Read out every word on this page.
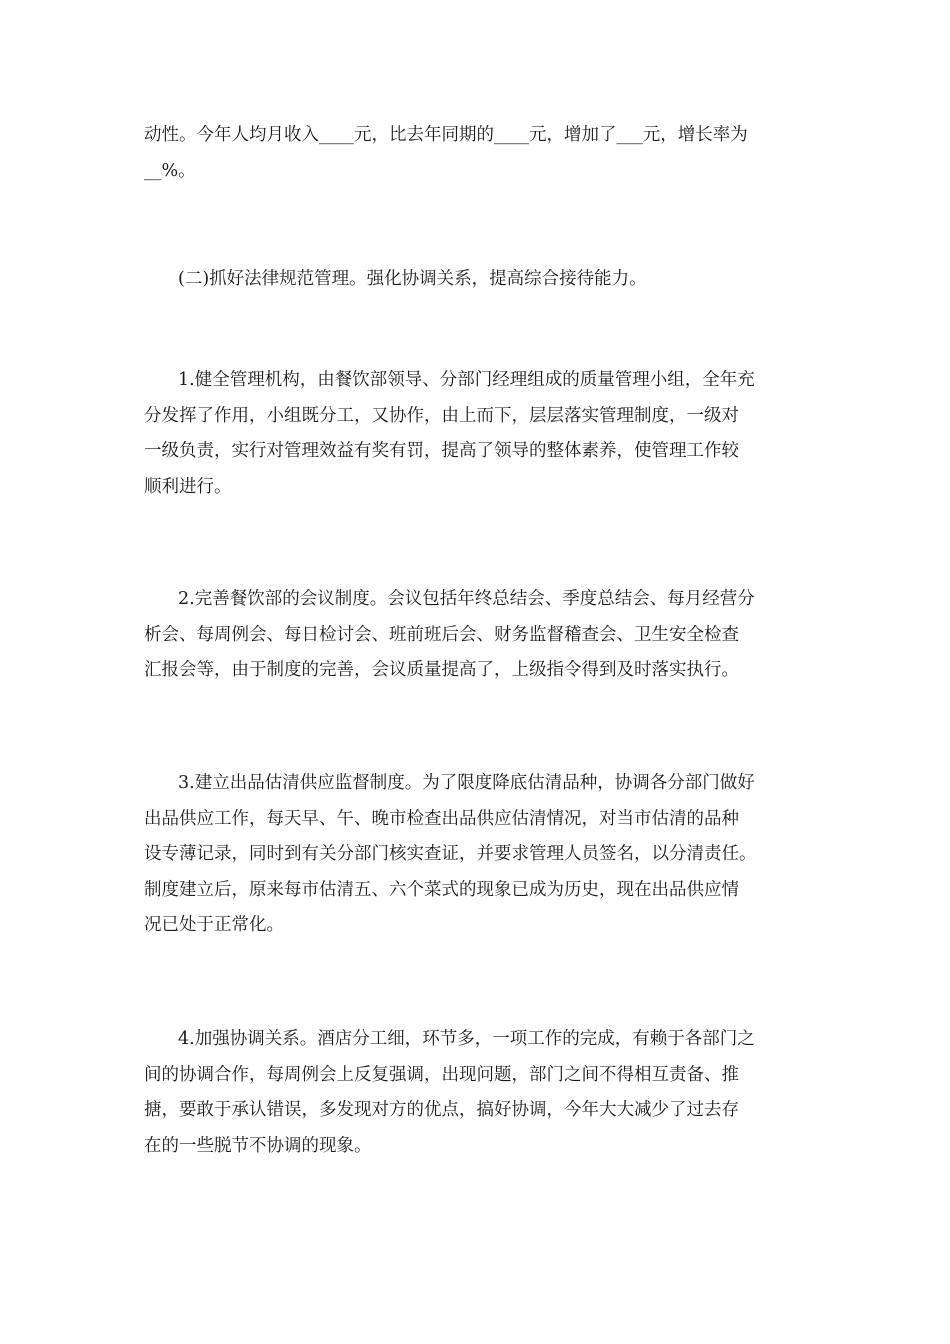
动性。今年人均月收入____元，比去年同期的____元，增加了___元，增长率为
__%。
(二)抓好法律规范管理。强化协调关系，提高综合接待能力。
1.健全管理机构，由餐饮部领导、分部门经理组成的质量管理小组，全年充
分发挥了作用，小组既分工，又协作，由上而下，层层落实管理制度，一级对
一级负责，实行对管理效益有奖有罚，提高了领导的整体素养，使管理工作较
顺利进行。
2.完善餐饮部的会议制度。会议包括年终总结会、季度总结会、每月经营分
析会、每周例会、每日检讨会、班前班后会、财务监督稽查会、卫生安全检查
汇报会等，由于制度的完善，会议质量提高了，上级指令得到及时落实执行。
3.建立出品估清供应监督制度。为了限度降底估清品种，协调各分部门做好
出品供应工作，每天早、午、晚市检查出品供应估清情况，对当市估清的品种
设专薄记录，同时到有关分部门核实查证，并要求管理人员签名，以分清责任。
制度建立后，原来每市估清五、六个菜式的现象已成为历史，现在出品供应情
况已处于正常化。
4.加强协调关系。酒店分工细，环节多，一项工作的完成，有赖于各部门之
间的协调合作，每周例会上反复强调，出现问题，部门之间不得相互责备、推
搪，要敢于承认错误，多发现对方的优点，搞好协调，今年大大减少了过去存
在的一些脱节不协调的现象。
